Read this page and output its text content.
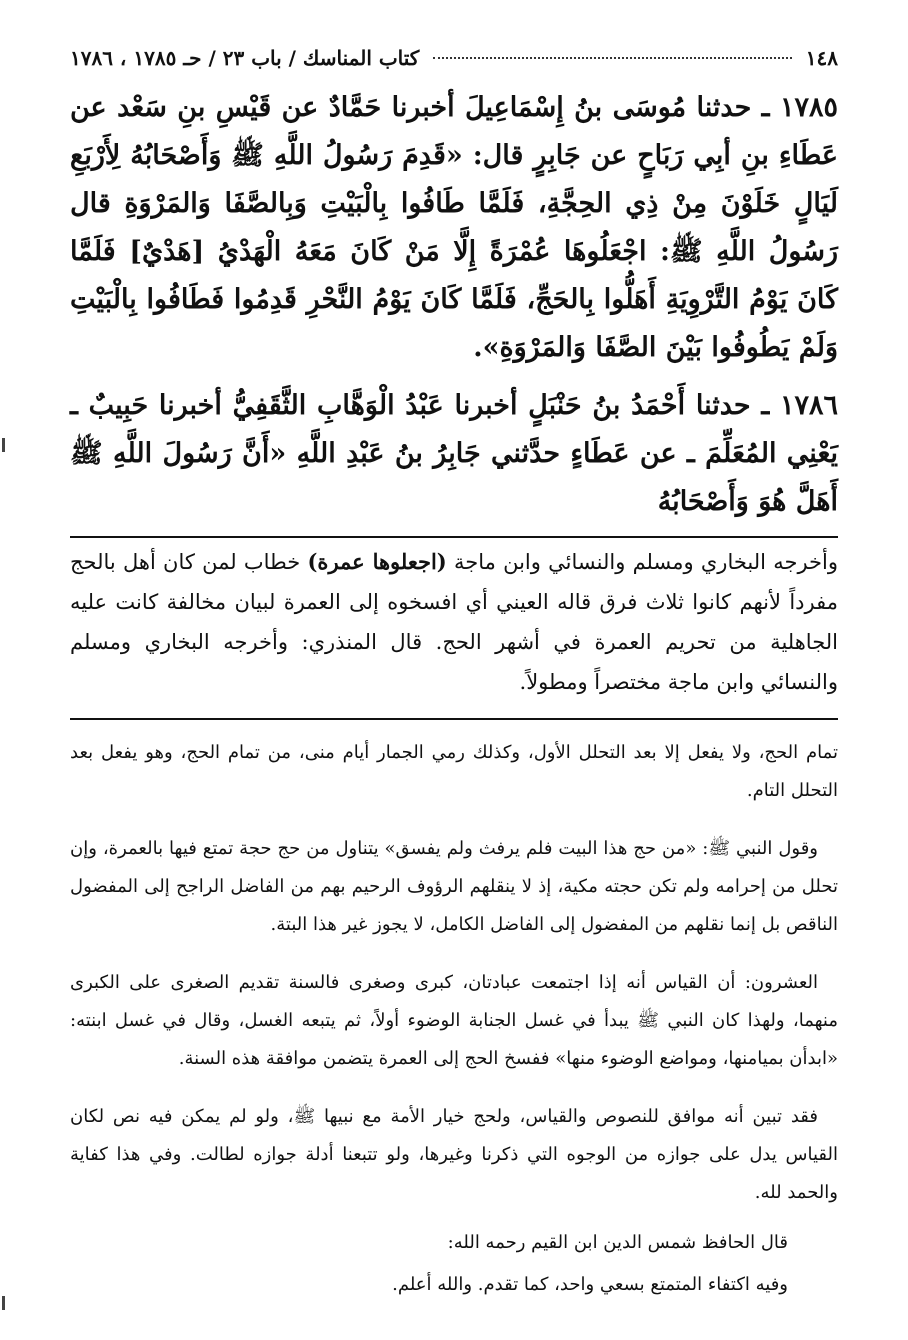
١٤٨
كتاب المناسك / باب ٢٣ / حـ ١٧٨٥ ، ١٧٨٦

١٧٨٥ ـ حدثنا مُوسَى بنُ إِسْمَاعِيلَ أخبرنا حَمَّادٌ عن قَيْسِ بنِ سَعْد عن عَطَاءِ بنِ أبِي رَبَاحٍ عن جَابِرٍ قال: «قَدِمَ رَسُولُ اللَّهِ ﷺ وَأَصْحَابُهُ لِأَرْبَعِ لَيَالٍ خَلَوْنَ مِنْ ذِي الحِجَّةِ، فَلَمَّا طَافُوا بِالْبَيْتِ وَبِالصَّفَا وَالمَرْوَةِ قال رَسُولُ اللَّهِ ﷺ: اجْعَلُوهَا عُمْرَةً إِلَّا مَنْ كَانَ مَعَهُ الْهَدْيُ [هَدْيٌ] فَلَمَّا كَانَ يَوْمُ التَّرْوِيَةِ أَهَلُّوا بِالحَجِّ، فَلَمَّا كَانَ يَوْمُ النَّحْرِ قَدِمُوا فَطَافُوا بِالْبَيْتِ وَلَمْ يَطُوفُوا بَيْنَ الصَّفَا وَالمَرْوَةِ».

١٧٨٦ ـ حدثنا أَحْمَدُ بنُ حَنْبَلٍ أخبرنا عَبْدُ الْوَهَّابِ الثَّقَفِيُّ أخبرنا حَبِيبٌ ـ يَعْنِي المُعَلِّمَ ـ عن عَطَاءٍ حدَّثني جَابِرُ بنُ عَبْدِ اللَّهِ «أَنَّ رَسُولَ اللَّهِ ﷺ أَهَلَّ هُوَ وَأَصْحَابُهُ

وأخرجه البخاري ومسلم والنسائي وابن ماجة (اجعلوها عمرة) خطاب لمن كان أهل بالحج مفرداً لأنهم كانوا ثلاث فرق قاله العيني أي افسخوه إلى العمرة لبيان مخالفة كانت عليه الجاهلية من تحريم العمرة في أشهر الحج. قال المنذري: وأخرجه البخاري ومسلم والنسائي وابن ماجة مختصراً ومطولاً.

تمام الحج، ولا يفعل إلا بعد التحلل الأول، وكذلك رمي الجمار أيام منى، من تمام الحج، وهو يفعل بعد التحلل التام.

وقول النبي ﷺ: «من حج هذا البيت فلم يرفث ولم يفسق» يتناول من حج حجة تمتع فيها بالعمرة، وإن تحلل من إحرامه ولم تكن حجته مكية، إذ لا ينقلهم الرؤوف الرحيم بهم من الفاضل الراجح إلى المفضول الناقص بل إنما نقلهم من المفضول إلى الفاضل الكامل، لا يجوز غير هذا البتة.

العشرون: أن القياس أنه إذا اجتمعت عبادتان، كبرى وصغرى فالسنة تقديم الصغرى على الكبرى منهما، ولهذا كان النبي ﷺ يبدأ في غسل الجنابة الوضوء أولاً، ثم يتبعه الغسل، وقال في غسل ابنته: «ابدأن بميامنها، ومواضع الوضوء منها» ففسخ الحج إلى العمرة يتضمن موافقة هذه السنة.

فقد تبين أنه موافق للنصوص والقياس، ولحج خيار الأمة مع نبيها ﷺ، ولو لم يمكن فيه نص لكان القياس يدل على جوازه من الوجوه التي ذكرنا وغيرها، ولو تتبعنا أدلة جوازه لطالت. وفي هذا كفاية والحمد لله.

قال الحافظ شمس الدين ابن القيم رحمه الله:

وفيه اكتفاء المتمتع بسعي واحد، كما تقدم. والله أعلم.
